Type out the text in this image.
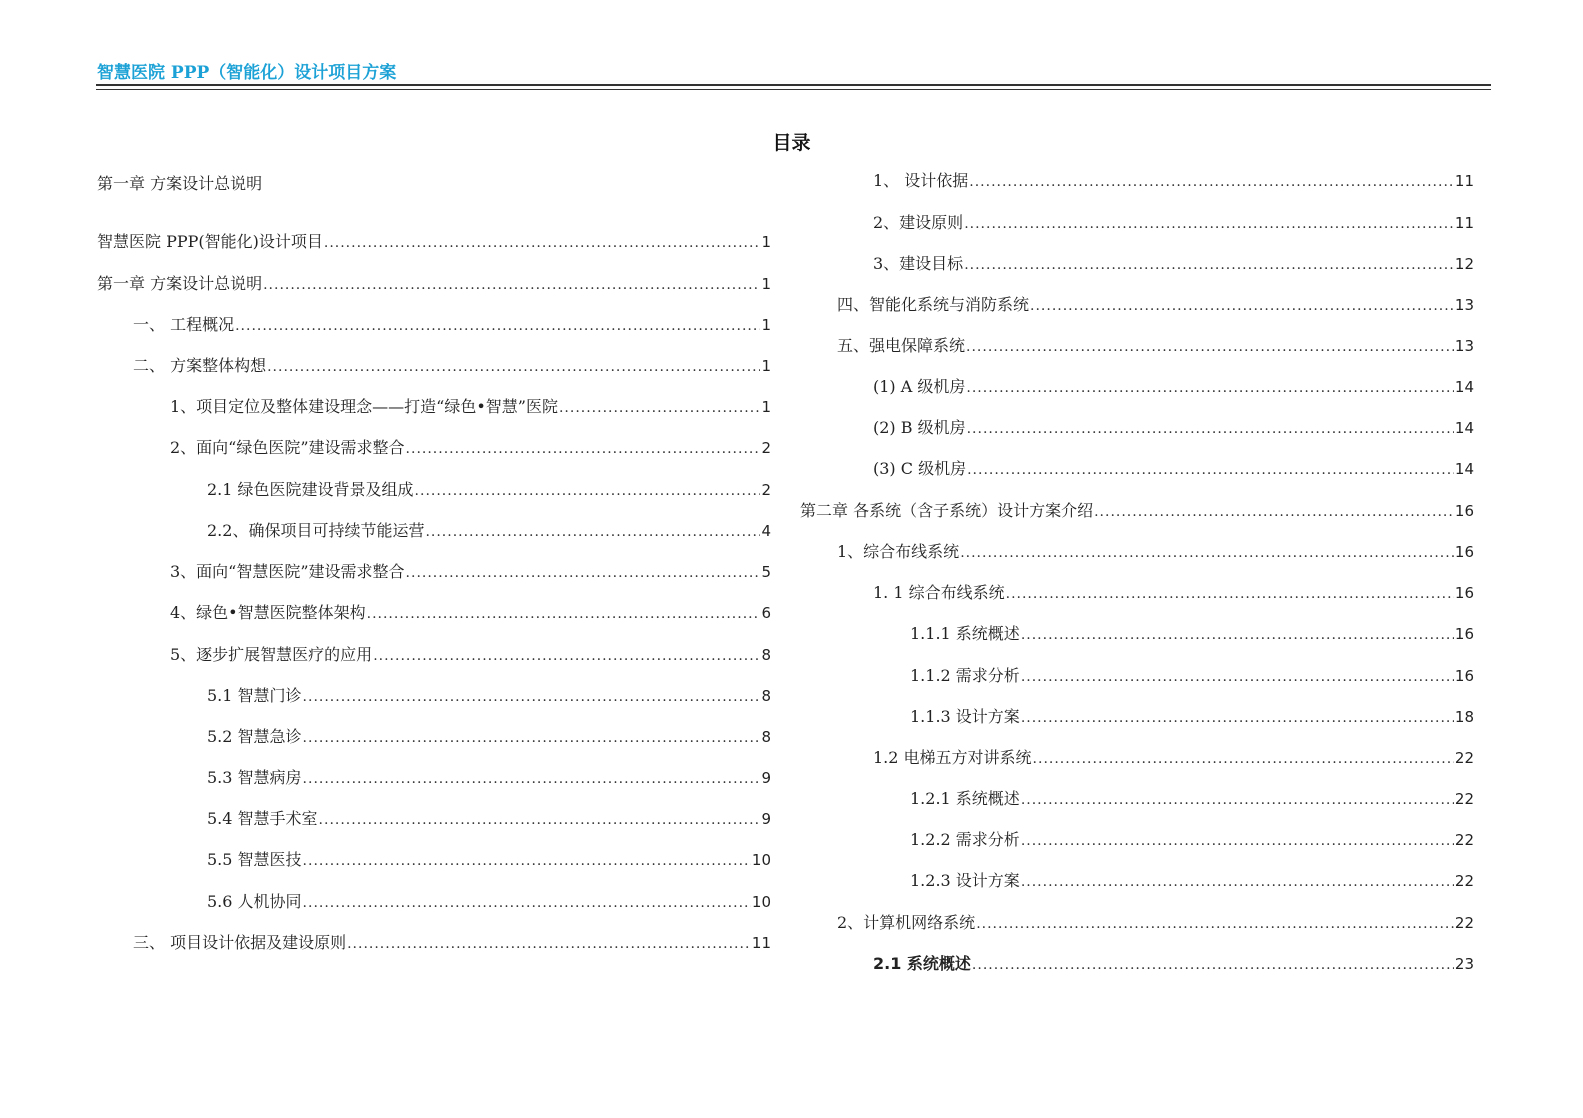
智慧医院 PPP（智能化）设计项目方案
目录
第一章 方案设计总说明
智慧医院 PPP(智能化)设计项目 .....	1
第一章 方案设计总说明 .....	1
一、 工程概况 .....	1
二、 方案整体构想 .....	1
1、项目定位及整体建设理念——打造“绿色•智慧”医院 .....	1
2、面向“绿色医院”建设需求整合 .....	2
2.1 绿色医院建设背景及组成 .....	2
2.2、确保项目可持续节能运营 .....	4
3、面向“智慧医院”建设需求整合 .....	5
4、绿色•智慧医院整体架构 .....	6
5、逐步扩展智慧医疗的应用 .....	8
5.1 智慧门诊 .....	8
5.2 智慧急诊 .....	8
5.3 智慧病房 .....	9
5.4 智慧手术室 .....	9
5.5 智慧医技 .....	10
5.6 人机协同 .....	10
三、 项目设计依据及建设原则 .....	11
1、 设计依据 .....	11
2、建设原则 .....	11
3、建设目标 .....	12
四、智能化系统与消防系统 .....	13
五、强电保障系统 .....	13
(1) A 级机房 .....	14
(2) B 级机房 .....	14
(3) C 级机房 .....	14
第二章 各系统（含子系统）设计方案介绍 .....	16
1、综合布线系统 .....	16
1. 1 综合布线系统 .....	16
1.1.1 系统概述 .....	16
1.1.2 需求分析 .....	16
1.1.3 设计方案 .....	18
1.2 电梯五方对讲系统 .....	22
1.2.1 系统概述 .....	22
1.2.2 需求分析 .....	22
1.2.3 设计方案 .....	22
2、计算机网络系统 .....	22
2.1 系统概述 .....	23
